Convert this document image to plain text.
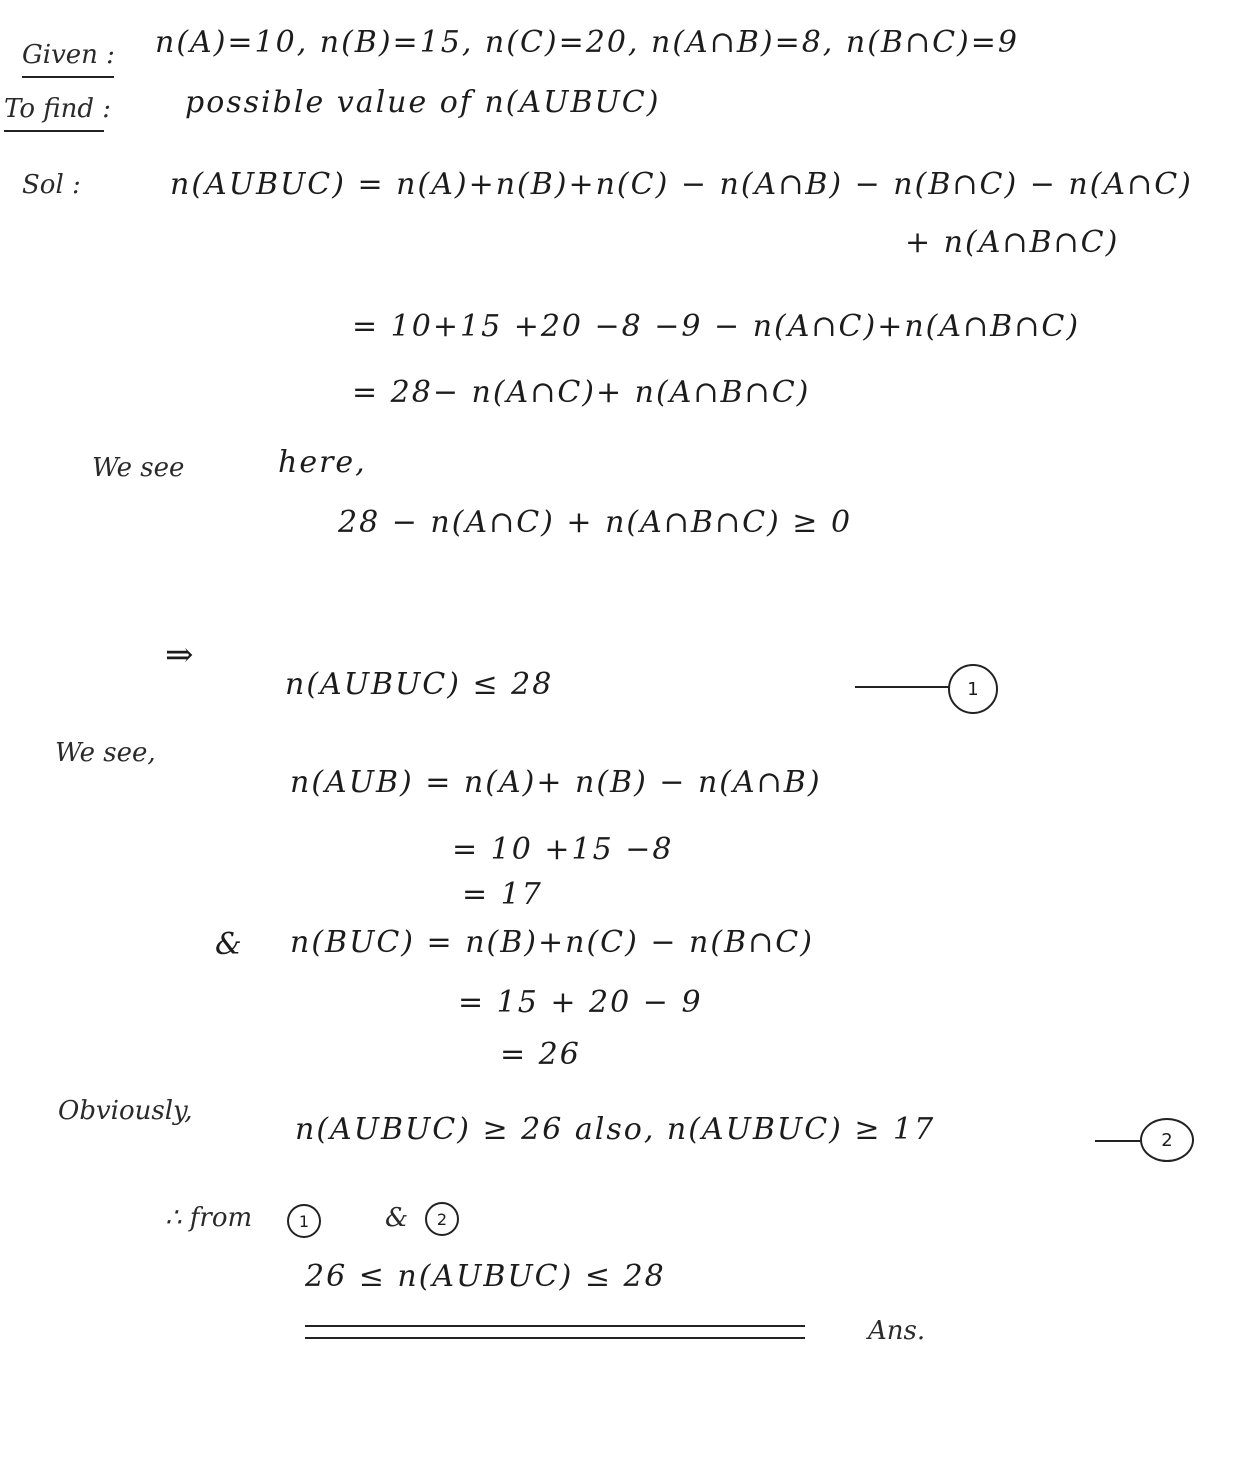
Given : n(A)=10, n(B)=15, n(C)=20, n(A∩B)=8, n(B∩C)=9
To find : possible value of n(AUBUC)
Sol :	n(AUBUC) = n(A)+n(B)+n(C) − n(A∩B) − n(B∩C) − n(A∩C)
+ n(A∩B∩C)
= 10+15 +20 −8 −9 − n(A∩C)+n(A∩B∩C)
= 28− n(A∩C)+ n(A∩B∩C)
We see	here,
28 − n(A∩C) + n(A∩B∩C) ≥ 0
⇒
n(AUBUC) ≤ 28	1
We see,
n(AUB) = n(A)+ n(B) − n(A∩B)
= 10 +15 −8
= 17
& n(BUC) = n(B)+n(C) − n(B∩C)
= 15 + 20 − 9
= 26
Obviously,
n(AUBUC) ≥ 26 also, n(AUBUC) ≥ 17	2
∴ from	1	&	2
26 ≤ n(AUBUC) ≤ 28
Ans.
